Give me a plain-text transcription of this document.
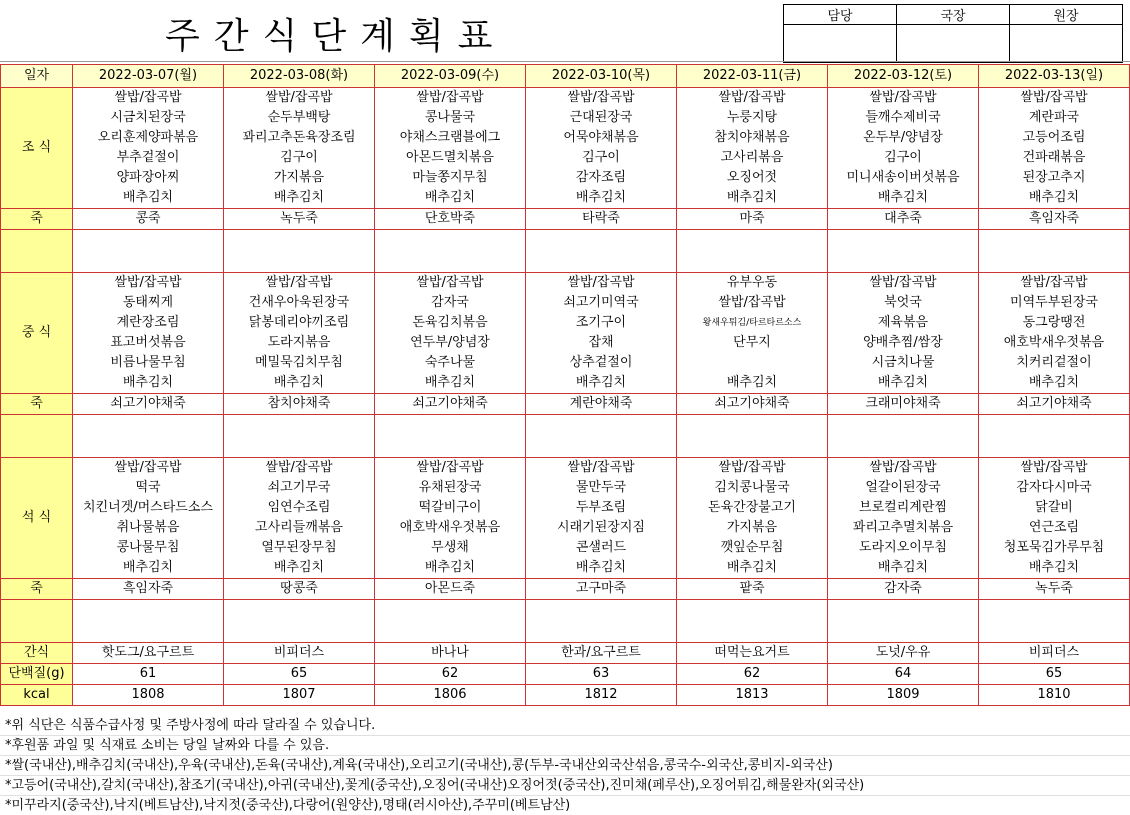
주간식단계획표	담당	국장	원장

일자	2022-03-07(월)	2022-03-08(화)	2022-03-09(수)	2022-03-10(목)	2022-03-11(금)	2022-03-12(토)	2022-03-13(일)
조 식	쌀밥/잡곡밥	쌀밥/잡곡밥	쌀밥/잡곡밥	쌀밥/잡곡밥	쌀밥/잡곡밥	쌀밥/잡곡밥	쌀밥/잡곡밥
	시금치된장국	순두부백탕	콩나물국	근대된장국	누룽지탕	들깨수제비국	계란파국
	오리훈제양파볶음	꽈리고추돈육장조림	야채스크램블에그	어묵야채볶음	참치야채볶음	온두부/양념장	고등어조림
	부추겉절이	김구이	아몬드멸치볶음	김구이	고사리볶음	김구이	건파래볶음
	양파장아찌	가지볶음	마늘쫑지무침	감자조림	오징어젓	미니새송이버섯볶음	된장고추지
	배추김치	배추김치	배추김치	배추김치	배추김치	배추김치	배추김치
죽	콩죽	녹두죽	단호박죽	타락죽	마죽	대추죽	흑임자죽

중 식	쌀밥/잡곡밥	쌀밥/잡곡밥	쌀밥/잡곡밥	쌀밥/잡곡밥	유부우동	쌀밥/잡곡밥	쌀밥/잡곡밥
	동태찌게	건새우아욱된장국	감자국	쇠고기미역국	쌀밥/잡곡밥	북엇국	미역두부된장국
	계란장조림	닭봉데리야끼조림	돈육김치볶음	조기구이	왕새우튀김/타르타르소스	제육볶음	동그랑땡전
	표고버섯볶음	도라지볶음	연두부/양념장	잡채	단무지	양배추찜/쌈장	애호박새우젓볶음
	비름나물무침	메밀묵김치무침	숙주나물	상추겉절이		시금치나물	치커리겉절이
	배추김치	배추김치	배추김치	배추김치	배추김치	배추김치	배추김치
죽	쇠고기야채죽	참치야채죽	쇠고기야채죽	계란야채죽	쇠고기야채죽	크래미야채죽	쇠고기야채죽

석 식	쌀밥/잡곡밥	쌀밥/잡곡밥	쌀밥/잡곡밥	쌀밥/잡곡밥	쌀밥/잡곡밥	쌀밥/잡곡밥	쌀밥/잡곡밥
	떡국	쇠고기무국	유채된장국	물만두국	김치콩나물국	얼갈이된장국	감자다시마국
	치킨너겟/머스타드소스	임연수조림	떡갈비구이	두부조림	돈육간장불고기	브로컬리계란찜	닭갈비
	취나물볶음	고사리들깨볶음	애호박새우젓볶음	시래기된장지짐	가지볶음	꽈리고추멸치볶음	연근조림
	콩나물무침	열무된장무침	무생채	콘샐러드	깻잎순무침	도라지오이무침	청포묵김가루무침
	배추김치	배추김치	배추김치	배추김치	배추김치	배추김치	배추김치
죽	흑임자죽	땅콩죽	아몬드죽	고구마죽	팥죽	감자죽	녹두죽

간식	핫도그/요구르트	비피더스	바나나	한과/요구르트	떠먹는요거트	도넛/우유	비피더스
단백질(g)	61	65	62	63	62	64	65
kcal	1808	1807	1806	1812	1813	1809	1810
*위 식단은 식품수급사정 및 주방사정에 따라 달라질 수 있습니다.
*후원품 과일 및 식재료 소비는 당일 날짜와 다를 수 있음.
*쌀(국내산),배추김치(국내산),우육(국내산),돈육(국내산),계육(국내산),오리고기(국내산),콩(두부-국내산외국산섞음,콩국수-외국산,콩비지-외국산)
*고등어(국내산),갈치(국내산),참조기(국내산),아귀(국내산),꽃게(중국산),오징어(국내산)오징어젓(중국산),진미채(페루산),오징어튀김,해물완자(외국산)
*미꾸라지(중국산),낙지(베트남산),낙지젓(중국산),다랑어(원양산),명태(러시아산),주꾸미(베트남산)
